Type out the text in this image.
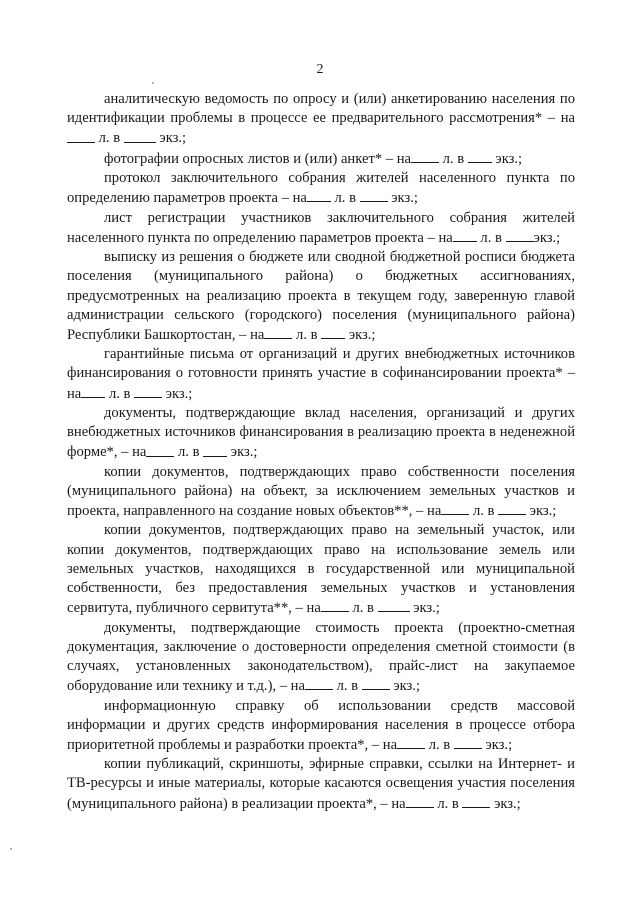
2

аналитическую ведомость по опросу и (или) анкетированию населения по идентификации проблемы в процессе ее предварительного рассмотрения* – на л. в  экз.;

фотографии опросных листов и (или) анкет* – на л. в  экз.;

протокол заключительного собрания жителей населенного пункта по определению параметров проекта – на л. в  экз.;

лист регистрации участников заключительного собрания жителей населенного пункта по определению параметров проекта – на л. в экз.;

выписку из решения о бюджете или сводной бюджетной росписи бюджета поселения (муниципального района) о бюджетных ассигнованиях, предусмотренных на реализацию проекта в текущем году, заверенную главой администрации сельского (городского) поселения (муниципального района) Республики Башкортостан, – на л. в  экз.;

гарантийные письма от организаций и других внебюджетных источников финансирования о готовности принять участие в софинансировании проекта* – на л. в  экз.;

документы, подтверждающие вклад населения, организаций и других внебюджетных источников финансирования в реализацию проекта в неденежной форме*, – на л. в  экз.;

копии документов, подтверждающих право собственности поселения (муниципального района) на объект, за исключением земельных участков и проекта, направленного на создание новых объектов**, – на л. в  экз.;

копии документов, подтверждающих право на земельный участок, или копии документов, подтверждающих право на использование земель или земельных участков, находящихся в государственной или муниципальной собственности, без предоставления земельных участков и установления сервитута, публичного сервитута**, – на л. в  экз.;

документы, подтверждающие стоимость проекта (проектно-сметная документация, заключение о достоверности определения сметной стоимости (в случаях, установленных законодательством), прайс-лист на закупаемое оборудование или технику и т.д.), – на л. в  экз.;

информационную справку об использовании средств массовой информации и других средств информирования населения в процессе отбора приоритетной проблемы и разработки проекта*, – на л. в  экз.;

копии публикаций, скриншоты, эфирные справки, ссылки на Интернет- и ТВ-ресурсы и иные материалы, которые касаются освещения участия поселения (муниципального района) в реализации проекта*, – на л. в  экз.;
